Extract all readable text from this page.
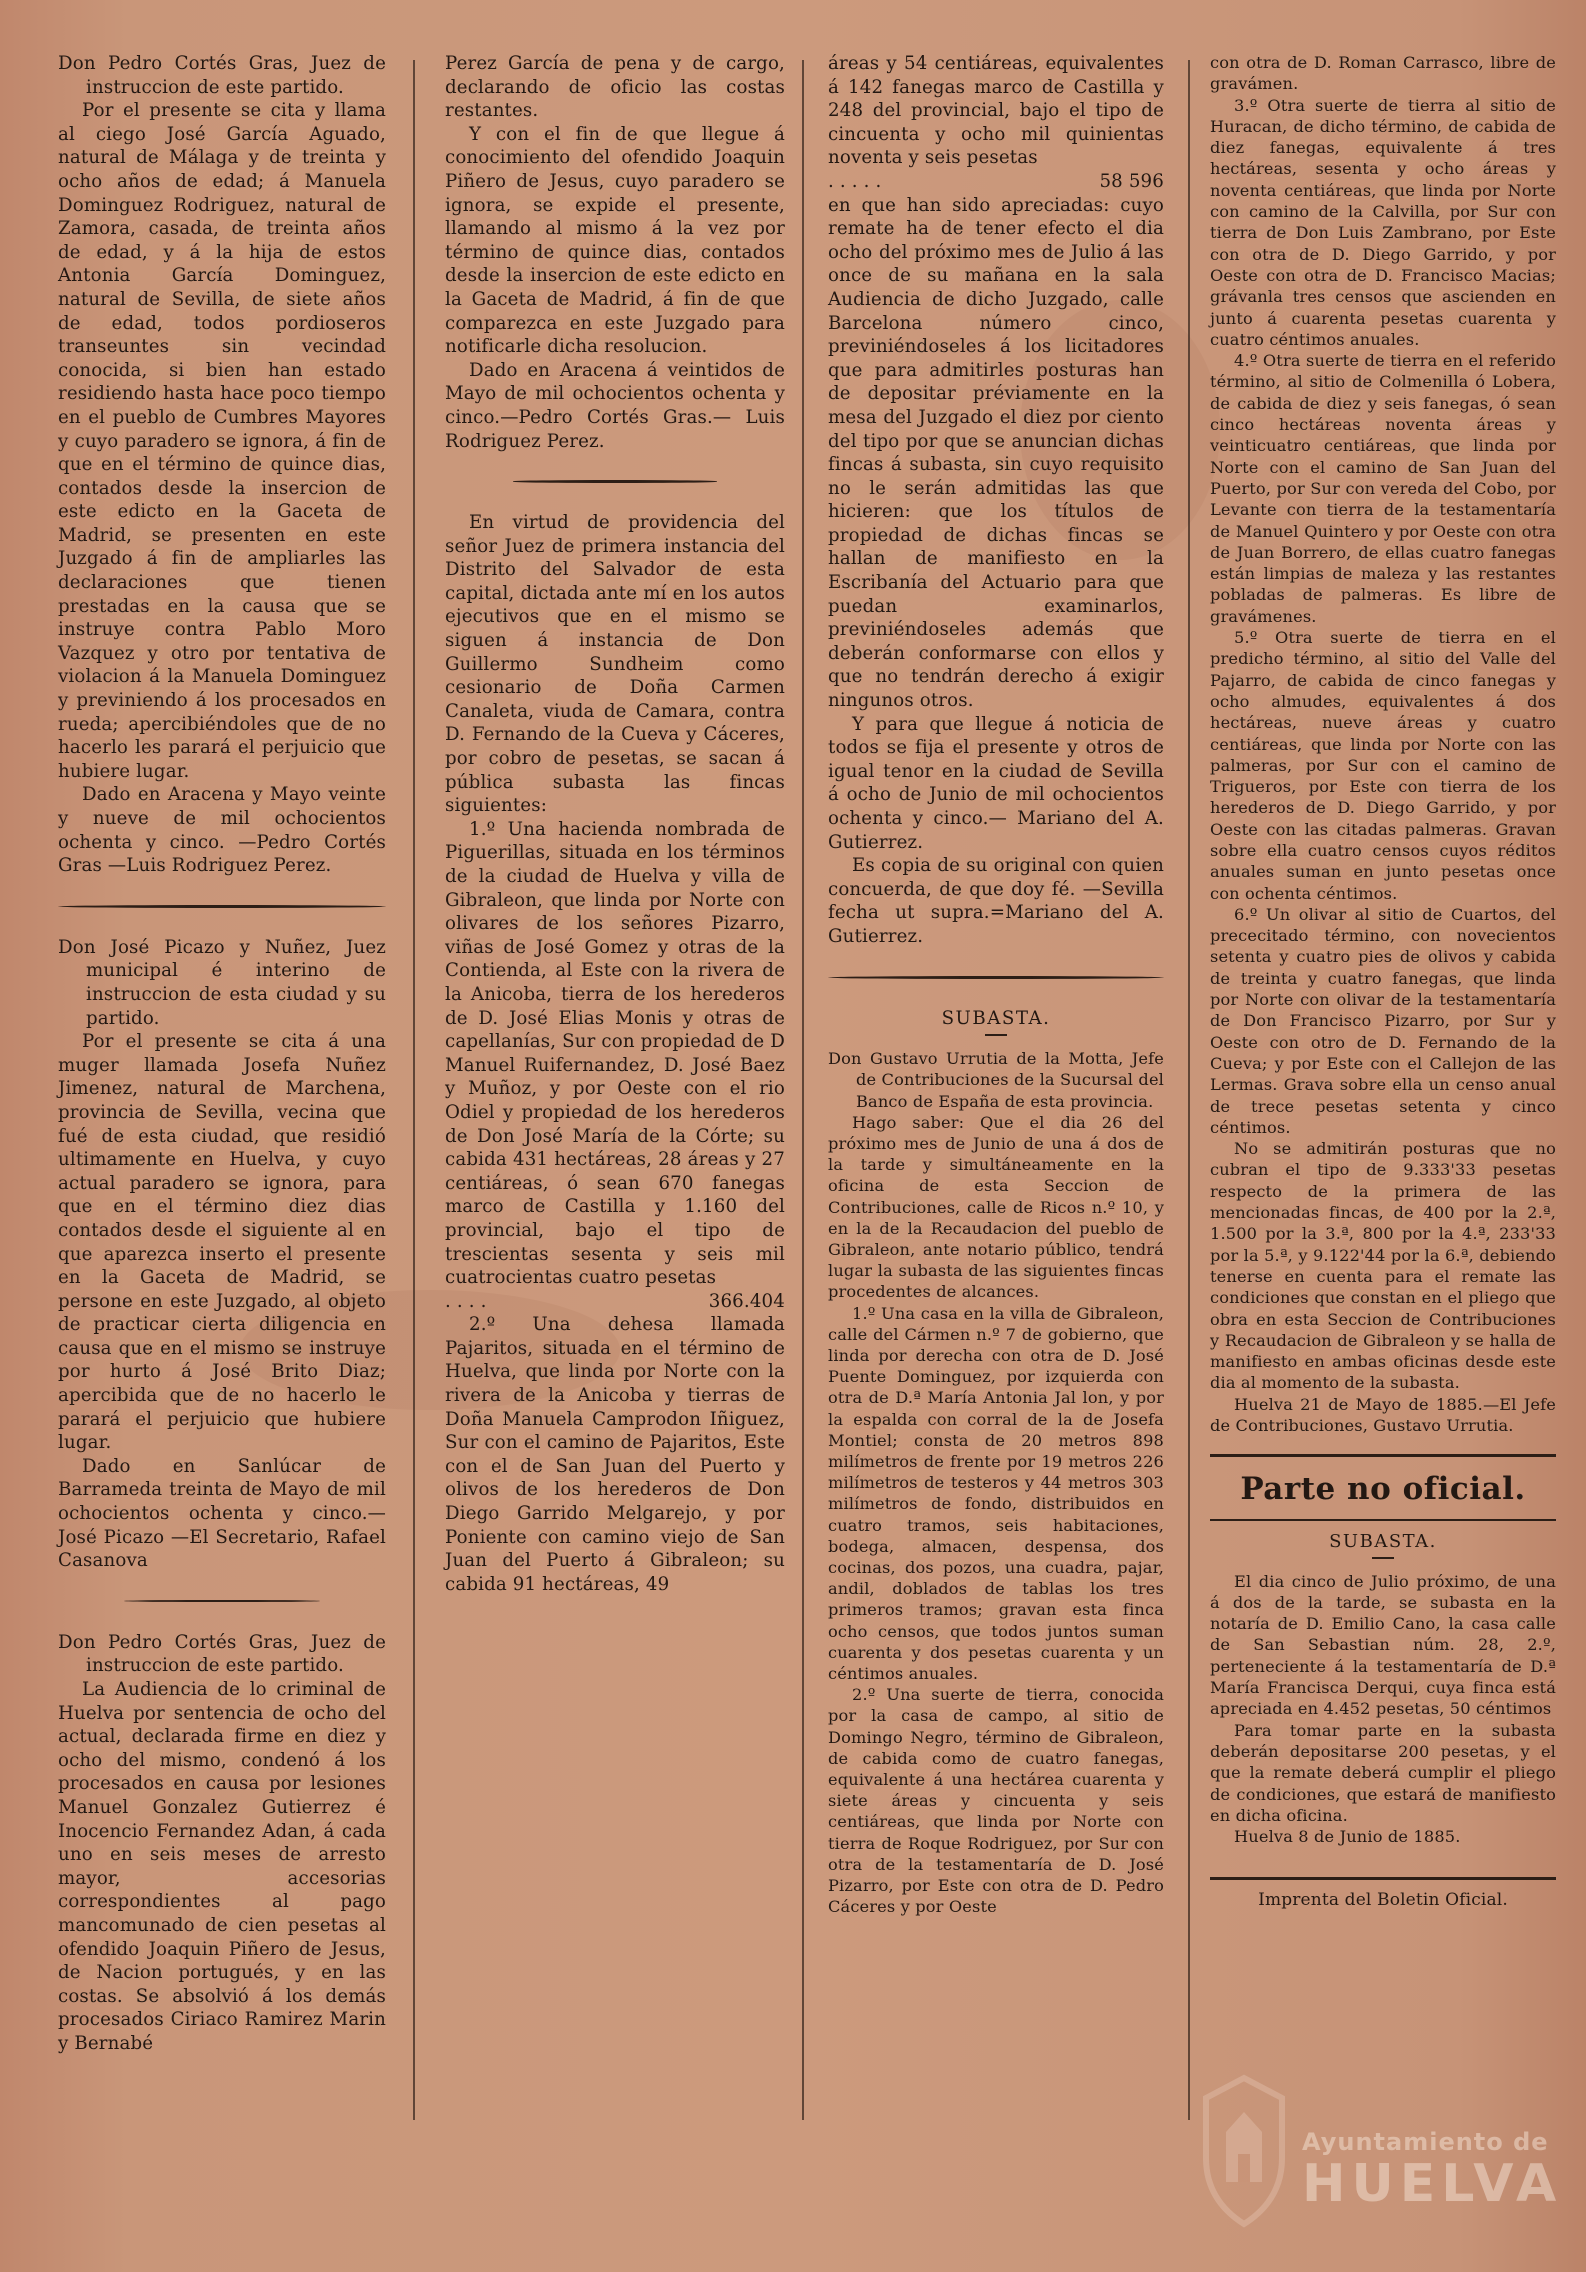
Don Pedro Cortés Gras, Juez de instruccion de este partido.

Por el presente se cita y llama al ciego José García Aguado, natural de Málaga y de treinta y ocho años de edad; á Manuela Dominguez Rodriguez, natural de Zamora, casada, de treinta años de edad, y á la hija de estos Antonia García Dominguez, natural de Sevilla, de siete años de edad, todos pordioseros transeuntes sin vecindad conocida, si bien han estado residiendo hasta hace poco tiempo en el pueblo de Cumbres Mayores y cuyo paradero se ignora, á fin de que en el término de quince dias, contados desde la insercion de este edicto en la Gaceta de Madrid, se presenten en este Juzgado á fin de ampliarles las declaraciones que tienen prestadas en la causa que se instruye contra Pablo Moro Vazquez y otro por tentativa de violacion á la Manuela Dominguez y previniendo á los procesados en rueda; apercibiéndoles que de no hacerlo les parará el perjuicio que hubiere lugar.

Dado en Aracena y Mayo veinte y nueve de mil ochocientos ochenta y cinco. —Pedro Cortés Gras —Luis Rodriguez Perez.

Don José Picazo y Nuñez, Juez municipal é interino de instruccion de esta ciudad y su partido.

Por el presente se cita á una muger llamada Josefa Nuñez Jimenez, natural de Marchena, provincia de Sevilla, vecina que fué de esta ciudad, que residió ultimamente en Huelva, y cuyo actual paradero se ignora, para que en el término diez dias contados desde el siguiente al en que aparezca inserto el presente en la Gaceta de Madrid, se persone en este Juzgado, al objeto de practicar cierta diligencia en causa que en el mismo se instruye por hurto á José Brito Diaz; apercibida que de no hacerlo le parará el perjuicio que hubiere lugar.

Dado en Sanlúcar de Barrameda treinta de Mayo de mil ochocientos ochenta y cinco.— José Picazo —El Secretario, Rafael Casanova

Don Pedro Cortés Gras, Juez de instruccion de este partido.

La Audiencia de lo criminal de Huelva por sentencia de ocho del actual, declarada firme en diez y ocho del mismo, condenó á los procesados en causa por lesiones Manuel Gonzalez Gutierrez é Inocencio Fernandez Adan, á cada uno en seis meses de arresto mayor, accesorias correspondientes al pago mancomunado de cien pesetas al ofendido Joaquin Piñero de Jesus, de Nacion portugués, y en las costas. Se absolvió á los demás procesados Ciriaco Ramirez Marin y Bernabé

Perez García de pena y de cargo, declarando de oficio las costas restantes.

Y con el fin de que llegue á conocimiento del ofendido Joaquin Piñero de Jesus, cuyo paradero se ignora, se expide el presente, llamando al mismo á la vez por término de quince dias, contados desde la insercion de este edicto en la Gaceta de Madrid, á fin de que comparezca en este Juzgado para notificarle dicha resolucion.

Dado en Aracena á veintidos de Mayo de mil ochocientos ochenta y cinco.—Pedro Cortés Gras.— Luis Rodriguez Perez.

En virtud de providencia del señor Juez de primera instancia del Distrito del Salvador de esta capital, dictada ante mí en los autos ejecutivos que en el mismo se siguen á instancia de Don Guillermo Sundheim como cesionario de Doña Carmen Canaleta, viuda de Camara, contra D. Fernando de la Cueva y Cáceres, por cobro de pesetas, se sacan á pública subasta las fincas siguientes:

1.º Una hacienda nombrada de Piguerillas, situada en los términos de la ciudad de Huelva y villa de Gibraleon, que linda por Norte con olivares de los señores Pizarro, viñas de José Gomez y otras de la Contienda, al Este con la rivera de la Anicoba, tierra de los herederos de D. José Elias Monis y otras de capellanías, Sur con propiedad de D Manuel Ruifernandez, D. José Baez y Muñoz, y por Oeste con el rio Odiel y propiedad de los herederos de Don José María de la Córte; su cabida 431 hectáreas, 28 áreas y 27 centiáreas, ó sean 670 fanegas marco de Castilla y 1.160 del provincial, bajo el tipo de trescientas sesenta y seis mil cuatrocientas cuatro pesetas

. . . .	366.404

2.º Una dehesa llamada Pajaritos, situada en el término de Huelva, que linda por Norte con la rivera de la Anicoba y tierras de Doña Manuela Camprodon Iñiguez, Sur con el camino de Pajaritos, Este con el de San Juan del Puerto y olivos de los herederos de Don Diego Garrido Melgarejo, y por Poniente con camino viejo de San Juan del Puerto á Gibraleon; su cabida 91 hectáreas, 49

áreas y 54 centiáreas, equivalentes á 142 fanegas marco de Castilla y 248 del provincial, bajo el tipo de cincuenta y ocho mil quinientas noventa y seis pesetas

. . . . .	58 596

en que han sido apreciadas: cuyo remate ha de tener efecto el dia ocho del próximo mes de Julio á las once de su mañana en la sala Audiencia de dicho Juzgado, calle Barcelona número cinco, previniéndoseles á los licitadores que para admitirles posturas han de depositar préviamente en la mesa del Juzgado el diez por ciento del tipo por que se anuncian dichas fincas á subasta, sin cuyo requisito no le serán admitidas las que hicieren: que los títulos de propiedad de dichas fincas se hallan de manifiesto en la Escribanía del Actuario para que puedan examinarlos, previniéndoseles además que deberán conformarse con ellos y que no tendrán derecho á exigir ningunos otros.

Y para que llegue á noticia de todos se fija el presente y otros de igual tenor en la ciudad de Sevilla á ocho de Junio de mil ochocientos ochenta y cinco.— Mariano del A. Gutierrez.

Es copia de su original con quien concuerda, de que doy fé. —Sevilla fecha ut supra.=Mariano del A. Gutierrez.

SUBASTA.

Don Gustavo Urrutia de la Motta, Jefe de Contribuciones de la Sucursal del Banco de España de esta provincia.

Hago saber: Que el dia 26 del próximo mes de Junio de una á dos de la tarde y simultáneamente en la oficina de esta Seccion de Contribuciones, calle de Ricos n.º 10, y en la de la Recaudacion del pueblo de Gibraleon, ante notario público, tendrá lugar la subasta de las siguientes fincas procedentes de alcances.

1.º Una casa en la villa de Gibraleon, calle del Cármen n.º 7 de gobierno, que linda por derecha con otra de D. José Puente Dominguez, por izquierda con otra de D.ª María Antonia Jal lon, y por la espalda con corral de la de Josefa Montiel; consta de 20 metros 898 milímetros de frente por 19 metros 226 milímetros de testeros y 44 metros 303 milímetros de fondo, distribuidos en cuatro tramos, seis habitaciones, bodega, almacen, despensa, dos cocinas, dos pozos, una cuadra, pajar, andil, doblados de tablas los tres primeros tramos; gravan esta finca ocho censos, que todos juntos suman cuarenta y dos pesetas cuarenta y un céntimos anuales.

2.º Una suerte de tierra, conocida por la casa de campo, al sitio de Domingo Negro, término de Gibraleon, de cabida como de cuatro fanegas, equivalente á una hectárea cuarenta y siete áreas y cincuenta y seis centiáreas, que linda por Norte con tierra de Roque Rodriguez, por Sur con otra de la testamentaría de D. José Pizarro, por Este con otra de D. Pedro Cáceres y por Oeste

con otra de D. Roman Carrasco, libre de gravámen.

3.º Otra suerte de tierra al sitio de Huracan, de dicho término, de cabida de diez fanegas, equivalente á tres hectáreas, sesenta y ocho áreas y noventa centiáreas, que linda por Norte con camino de la Calvilla, por Sur con tierra de Don Luis Zambrano, por Este con otra de D. Diego Garrido, y por Oeste con otra de D. Francisco Macias; grávanla tres censos que ascienden en junto á cuarenta pesetas cuarenta y cuatro céntimos anuales.

4.º Otra suerte de tierra en el referido término, al sitio de Colmenilla ó Lobera, de cabida de diez y seis fanegas, ó sean cinco hectáreas noventa áreas y veinticuatro centiáreas, que linda por Norte con el camino de San Juan del Puerto, por Sur con vereda del Cobo, por Levante con tierra de la testamentaría de Manuel Quintero y por Oeste con otra de Juan Borrero, de ellas cuatro fanegas están limpias de maleza y las restantes pobladas de palmeras. Es libre de gravámenes.

5.º Otra suerte de tierra en el predicho término, al sitio del Valle del Pajarro, de cabida de cinco fanegas y ocho almudes, equivalentes á dos hectáreas, nueve áreas y cuatro centiáreas, que linda por Norte con las palmeras, por Sur con el camino de Trigueros, por Este con tierra de los herederos de D. Diego Garrido, y por Oeste con las citadas palmeras. Gravan sobre ella cuatro censos cuyos réditos anuales suman en junto pesetas once con ochenta céntimos.

6.º Un olivar al sitio de Cuartos, del prececitado término, con novecientos setenta y cuatro pies de olivos y cabida de treinta y cuatro fanegas, que linda por Norte con olivar de la testamentaría de Don Francisco Pizarro, por Sur y Oeste con otro de D. Fernando de la Cueva; y por Este con el Callejon de las Lermas. Grava sobre ella un censo anual de trece pesetas setenta y cinco céntimos.

No se admitirán posturas que no cubran el tipo de 9.333'33 pesetas respecto de la primera de las mencionadas fincas, de 400 por la 2.ª, 1.500 por la 3.ª, 800 por la 4.ª, 233'33 por la 5.ª, y 9.122'44 por la 6.ª, debiendo tenerse en cuenta para el remate las condiciones que constan en el pliego que obra en esta Seccion de Contribuciones y Recaudacion de Gibraleon y se halla de manifiesto en ambas oficinas desde este dia al momento de la subasta.

Huelva 21 de Mayo de 1885.—El Jefe de Contribuciones, Gustavo Urrutia.

Parte no oficial.
SUBASTA.

El dia cinco de Julio próximo, de una á dos de la tarde, se subasta en la notaría de D. Emilio Cano, la casa calle de San Sebastian núm. 28, 2.º, perteneciente á la testamentaría de D.ª María Francisca Derqui, cuya finca está apreciada en 4.452 pesetas, 50 céntimos

Para tomar parte en la subasta deberán depositarse 200 pesetas, y el que la remate deberá cumplir el pliego de condiciones, que estará de manifiesto en dicha oficina.

Huelva 8 de Junio de 1885.

Imprenta del Boletin Oficial.
Ayuntamiento de
HUELVA
